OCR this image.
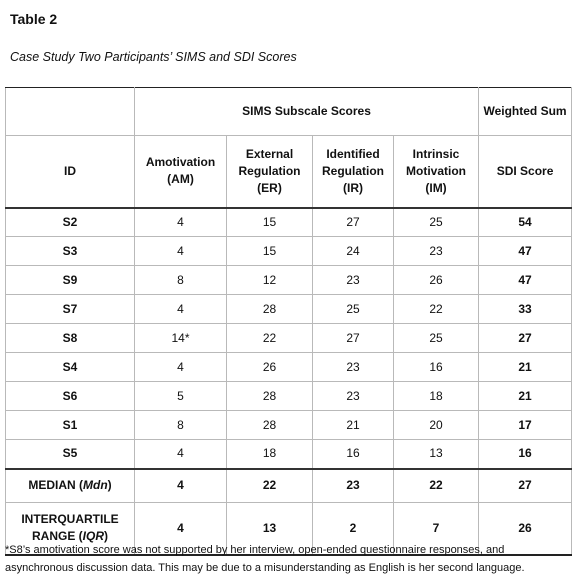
Table 2
Case Study Two Participants’ SIMS and SDI Scores
	SIMS Subscale Scores				Weighted Sum
ID	Amotivation (AM)	External Regulation (ER)	Identified Regulation (IR)	Intrinsic Motivation (IM)	SDI Score
S2	4	15	27	25	54
S3	4	15	24	23	47
S9	8	12	23	26	47
S7	4	28	25	22	33
S8	14*	22	27	25	27
S4	4	26	23	16	21
S6	5	28	23	18	21
S1	8	28	21	20	17
S5	4	18	16	13	16
MEDIAN (Mdn)	4	22	23	22	27
INTERQUARTILE
RANGE (IQR)	4	13	2	7	26
*S8’s amotivation score was not supported by her interview, open-ended questionnaire responses, and asynchronous discussion data. This may be due to a misunderstanding as English is her second language.
